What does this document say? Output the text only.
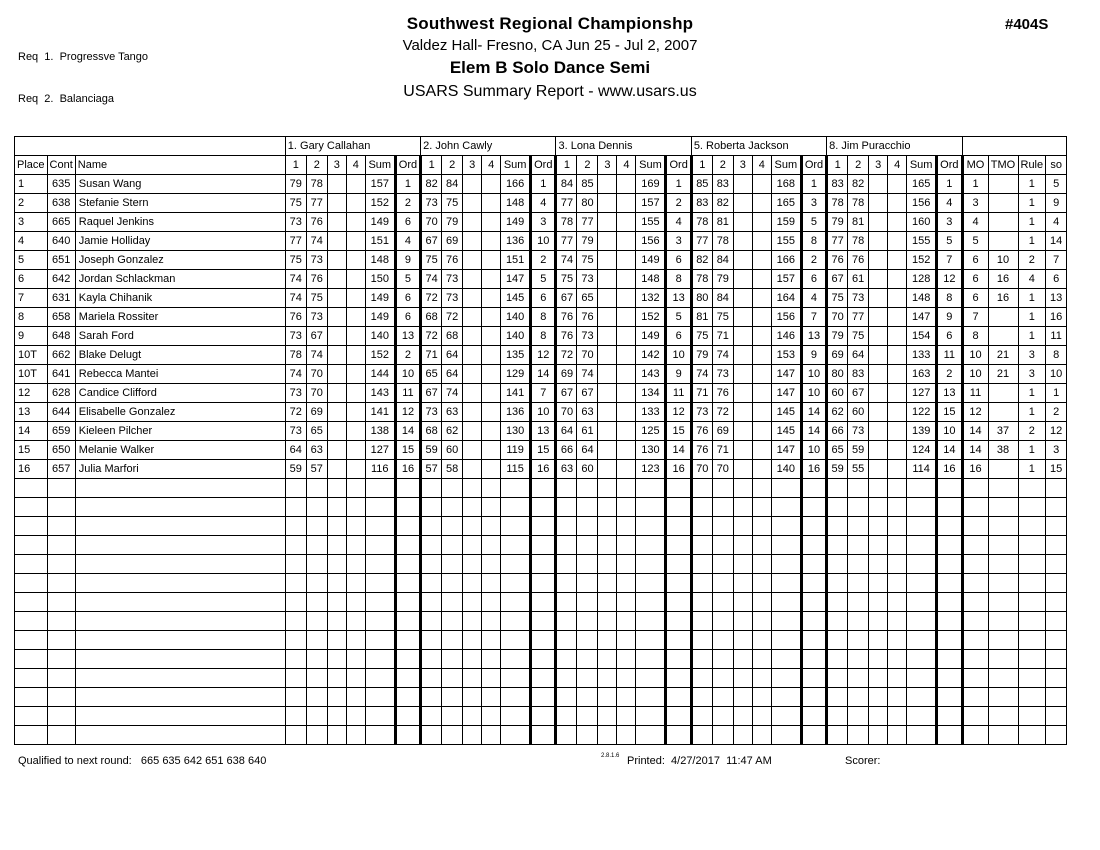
Req  1.  Progressve Tango

Req  2.  Balanciaga

Southwest Regional Championshp
Valdez Hall- Fresno, CA Jun 25 - Jul 2, 2007
Elem B Solo Dance Semi
USARS Summary Report - www.usars.us
#404S
			1. Gary Callahan						2. John Cawly						3. Lona Dennis						5. Roberta Jackson						8. Jim Puracchio									
Place	Cont	Name	1	2	3	4	Sum	Ord	1	2	3	4	Sum	Ord	1	2	3	4	Sum	Ord	1	2	3	4	Sum	Ord	1	2	3	4	Sum	Ord	MO	TMO	Rule	so
1	635	Susan Wang	79	78			157	1	82	84			166	1	84	85			169	1	85	83			168	1	83	82			165	1	1		1	5
2	638	Stefanie Stern	75	77			152	2	73	75			148	4	77	80			157	2	83	82			165	3	78	78			156	4	3		1	9
3	665	Raquel Jenkins	73	76			149	6	70	79			149	3	78	77			155	4	78	81			159	5	79	81			160	3	4		1	4
4	640	Jamie Holliday	77	74			151	4	67	69			136	10	77	79			156	3	77	78			155	8	77	78			155	5	5		1	14
5	651	Joseph Gonzalez	75	73			148	9	75	76			151	2	74	75			149	6	82	84			166	2	76	76			152	7	6	10	2	7
6	642	Jordan Schlackman	74	76			150	5	74	73			147	5	75	73			148	8	78	79			157	6	67	61			128	12	6	16	4	6
7	631	Kayla Chihanik	74	75			149	6	72	73			145	6	67	65			132	13	80	84			164	4	75	73			148	8	6	16	1	13
8	658	Mariela Rossiter	76	73			149	6	68	72			140	8	76	76			152	5	81	75			156	7	70	77			147	9	7		1	16
9	648	Sarah Ford	73	67			140	13	72	68			140	8	76	73			149	6	75	71			146	13	79	75			154	6	8		1	11
10T	662	Blake Delugt	78	74			152	2	71	64			135	12	72	70			142	10	79	74			153	9	69	64			133	11	10	21	3	8
10T	641	Rebecca Mantei	74	70			144	10	65	64			129	14	69	74			143	9	74	73			147	10	80	83			163	2	10	21	3	10
12	628	Candice Clifford	73	70			143	11	67	74			141	7	67	67			134	11	71	76			147	10	60	67			127	13	11		1	1
13	644	Elisabelle Gonzalez	72	69			141	12	73	63			136	10	70	63			133	12	73	72			145	14	62	60			122	15	12		1	2
14	659	Kieleen Pilcher	73	65			138	14	68	62			130	13	64	61			125	15	76	69			145	14	66	73			139	10	14	37	2	12
15	650	Melanie Walker	64	63			127	15	59	60			119	15	66	64			130	14	76	71			147	10	65	59			124	14	14	38	1	3
16	657	Julia Marfori	59	57			116	16	57	58			115	16	63	60			123	16	70	70			140	16	59	55			114	16	16		1	15

Qualified to next round:   665 635 642 651 638 640	2.8.1.6 Printed:  4/27/2017  11:47 AM	Scorer:
